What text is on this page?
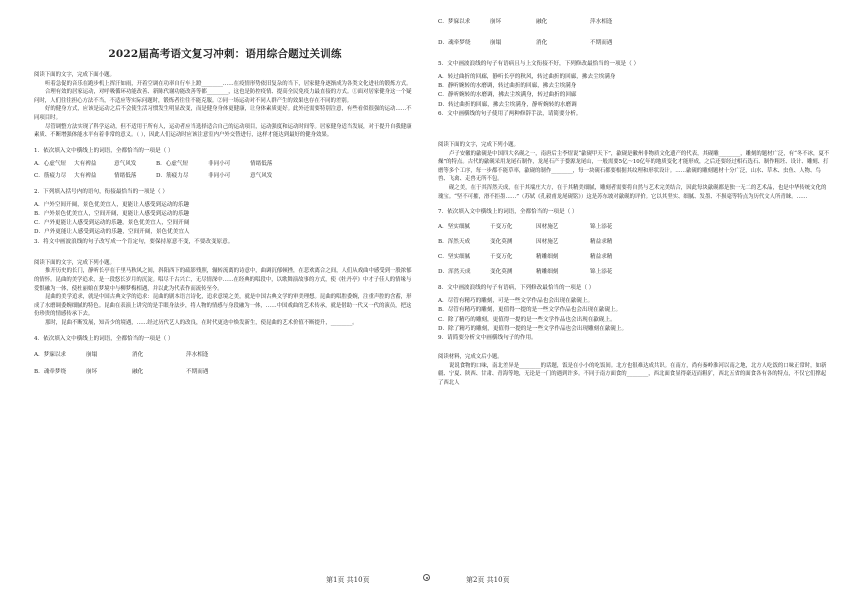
2022届高考语文复习冲刺：语用综合题过关训练

阅读下面的文字，完成下面小题。

听着急促的音乐在跑步机上挥汗如雨，开着空调在功率自行车上蹬________……在疫情形势依旧复杂的当下，居家健身逐渐成为各类文化进社的锻炼方式。

合理有效的居家运动，对呼吸循环功能改善、新陈代谢功能改善等都________，这也是防控疫情、提高全民免疫力最直接的方式。①面对居家健身这一个疑问时，人们往往担心方法不当，不适应等实际问题时，锻炼者往往不能克服。②同一场运动对不同人群产生的效果也存在不同的差别。

好的健身方式，应该是运动之后不会使生活习惯发生明显改变，而是健身身体更健康，让身体素质更好。此外还需要特别注意，有些看似很强的运动……不同项目时。

尽管调整方法实现了科学运动，但不适用于所有人，运动者应当选择适合自己的运动项目，运动强度和运动时间等。居家健身适当发展，对于提升自我健康素质、不断增强体能水平有着非常的意义。（ ），因此人们运动时应该注意室内户外交替进行，这样才能达到最好的健身效果。

1．依次填入文中横线上的词语，全都恰当的一项是（ ）

A．心虚气短	大有裨益	意气风发	B．心虚气短	非同小可	情绪低落
C．筋疲力尽	大有裨益	情绪低落	D．筋疲力尽	非同小可	意气风发

2．下列填入括号内的语句，衔接最恰当的一项是（ ）

A．户外空间开阔，景色优美宜人，更能让人感受到运动的乐趣

B．户外景色优美宜人，空间开阔，更能让人感受到运动的乐趣

C．户外更能让人感受到运动的乐趣，景色优美宜人，空间开阔

D．户外更能让人感受到运动的乐趣，空间开阔，景色优美宜人

3．将文中画波浪线的句子改写成一个肯定句，要保持原意不变，不要改变原意。

阅读下面的文字，完成下列小题。

推开历史的长门，静听长亭在千里马秋风之间，斜阳西下的疏影残照，辗转流离的诗意中，曲调沉郁顿挫，在悲欢离合之间，人们从戏曲中感受到一股浓郁的情怀。昆曲的美学追求，是一段悠长岁月的沉淀。唱尽千古兴亡，无尽情深中……在经典的唱段中，以歌舞演故事的方式，使《牡丹亭》中才子佳人的情缘与爱恨融为一体，使杜丽娘在梦境中与柳梦梅相遇，并以此为代表作而流传至今。

昆曲的美学追求，就是中国古典文学的追求：昆曲的剧本语言诗化，追求意境之美，就是中国古典文学的审美理想。昆曲的唱腔委婉，注重声腔的含蓄，形成了水磨调委婉细腻的特色。昆曲在表演上讲究的是手眼身法步，将人物的情感与身段融为一体，……中国戏曲的艺术传承，就是借助一代又一代的演员，把这份珍贵的情感传承下去。

那时，昆曲不断发展，知音少的境遇，……经过历代艺人的改良，在时代更迭中焕发新生，使昆曲的艺术价值不断提升，________。

4．依次填入文中横线上的词语，全都恰当的一项是（ ）

A．梦寐以求	崩塌	消化	萍水相逢
B．魂牵梦绕	崩坏	融化	不期而遇
C．梦寐以求	崩坏	融化	萍水相逢
D．魂牵梦绕	崩塌	消化	不期而遇

5．文中画波浪线的句子有语病且与上文衔接不好，下列修改最恰当的一项是（ ）

A．转过曲折的回廊，静听长亭的秋风，转过曲折的回廊，拂去尘埃满身

B．静听婉转的水磨调，转过曲折的回廊，拂去尘埃满身

C．静听婉转的水磨调，拂去尘埃满身，转过曲折的回廊

D．转过曲折的回廊，拂去尘埃满身，静听婉转的水磨调

6．文中画横线的句子使用了两种修辞手法，请简要分析。

阅读下面的文字，完成下列小题。

卢子安徽的歙砚是中国四大名砚之一，南唐后主李煜说“歙砚甲天下”，歙砚是徽州非物质文化遗产的代表，其砚雕________，雕刻的题材广泛，有“冬不冰，夏不燥”的特点。古代的歙砚采用龙尾石制作，龙尾石产于婺源龙尾山，一般需要5亿～10亿年的地质变化才能形成，之后还要经过相石选石、制作粗坯、设计、雕刻、打磨等多个工序，每一步都不能草率，歙砚的制作________，每一块砚石都要根据其纹理和形状设计。……歙砚的雕刻题材十分广泛，山水、草木、虫鱼、人物、鸟兽、飞禽、走兽无所不包。

砚之美，在于其浑然天成，在于其端庄大方，在于其精美细腻，雕刻者需要将自然与艺术完美结合，因此每块歙砚都是独一无二的艺术品，也是中华传统文化的瑰宝。“坚不可摧，滑不拒墨……”（苏轼《孔毅甫龙尾砚铭》）这是苏东坡对歙砚的评价。它以其坚实、细腻、发墨、不损毫等特点为历代文人所青睐。……

7．依次填入文中横线上的词语，全都恰当的一项是（ ）

A．坚实细腻	千变万化	因材施艺	锦上添花
B．浑然天成	变化莫测	因材施艺	精益求精
C．坚实细腻	千变万化	精雕细刻	精益求精
D．浑然天成	变化莫测	精雕细刻	锦上添花

8．文中画波浪线的句子有语病，下列修改最恰当的一项是（ ）

A．尽管有精巧的雕刻，可是一些文学作品也会出现在歙砚上。

B．尽管有精巧的雕刻，更值得一提的是一些文学作品也会出现在歙砚上。

C．除了精巧的雕刻，更值得一提的是一些文学作品也会出现在歙砚上。

D．除了精巧的雕刻，更值得一提的是一些文学作品也会出现雕刻在歙砚上。

9．请简要分析文中画横线句子的作用。

阅读材料，完成文后小题。

说说食物的口味，南北差异是________的话题，饭是在小小的吃饭间。北方也很难达成共识。在南方，尚有秦岭淮河以南之地，北方人吃饭的口味正常时，如新疆、宁夏、陕西、甘肃、青海等地，无论是一门的遇到许多。不同于南方面食的________，西北面食显得豪迈而粗犷，西北五省的面食各有各的特点，不仅它们撑起了西北人

第1页 共10页	第2页 共10页
